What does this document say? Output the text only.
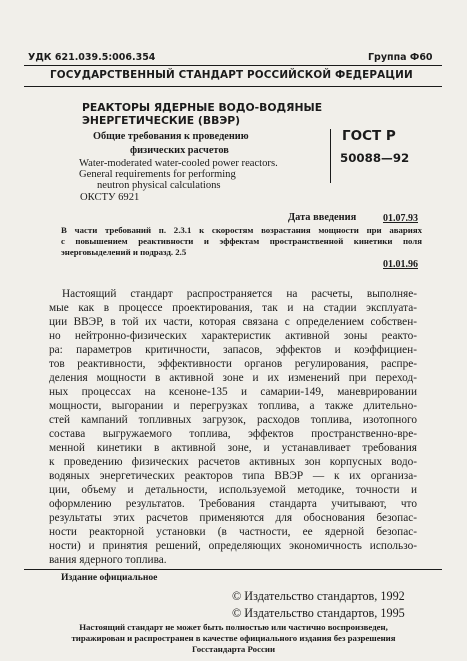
УДК 621.039.5:006.354	Группа Ф60
ГОСУДАРСТВЕННЫЙ СТАНДАРТ РОССИЙСКОЙ ФЕДЕРАЦИИ
РЕАКТОРЫ ЯДЕРНЫЕ ВОДО-ВОДЯНЫЕ
ЭНЕРГЕТИЧЕСКИЕ (ВВЭР)
Общие требования к проведению
физических расчетов
Water-moderated water-cooled power reactors.
General requirements for performing
neutron physical calculations
ОКСТУ 6921
ГОСТ Р
50088—92
Дата введения	01.07.93
В части требований п. 2.3.1 к скоростям возрастания мощности при авариях
с повышением реактивности и эффектам пространственной кинетики поля
энерговыделений и подразд. 2.5
01.01.96
Настоящий стандарт распространяется на расчеты, выполняе-
мые как в процессе проектирования, так и на стадии эксплуата-
ции ВВЭР, в той их части, которая связана с определением собствен-
но нейтронно-физических характеристик активной зоны реакто-
ра: параметров критичности, запасов, эффектов и коэффициен-
тов реактивности, эффективности органов регулирования, распре-
деления мощности в активной зоне и их изменений при переход-
ных процессах на ксеноне-135 и самарии-149, маневрировании
мощности, выгорании и перегрузках топлива, а также длительно-
стей кампаний топливных загрузок, расходов топлива, изотопного
состава выгружаемого топлива, эффектов пространственно-вре-
менной кинетики в активной зоне, и устанавливает требования
к проведению физических расчетов активных зон корпусных водо-
водяных энергетических реакторов типа ВВЭР — к их организа-
ции, объему и детальности, используемой методике, точности и
оформлению результатов. Требования стандарта учитывают, что
результаты этих расчетов применяются для обоснования безопас-
ности реакторной установки (в частности, ее ядерной безопас-
ности) и принятия решений, определяющих экономичность использо-
вания ядерного топлива.
Издание официальное
© Издательство стандартов, 1992
© Издательство стандартов, 1995
Настоящий стандарт не может быть полностью или частично воспроизведен,
тиражирован и распространен в качестве официального издания без разрешения
Госстандарта России
